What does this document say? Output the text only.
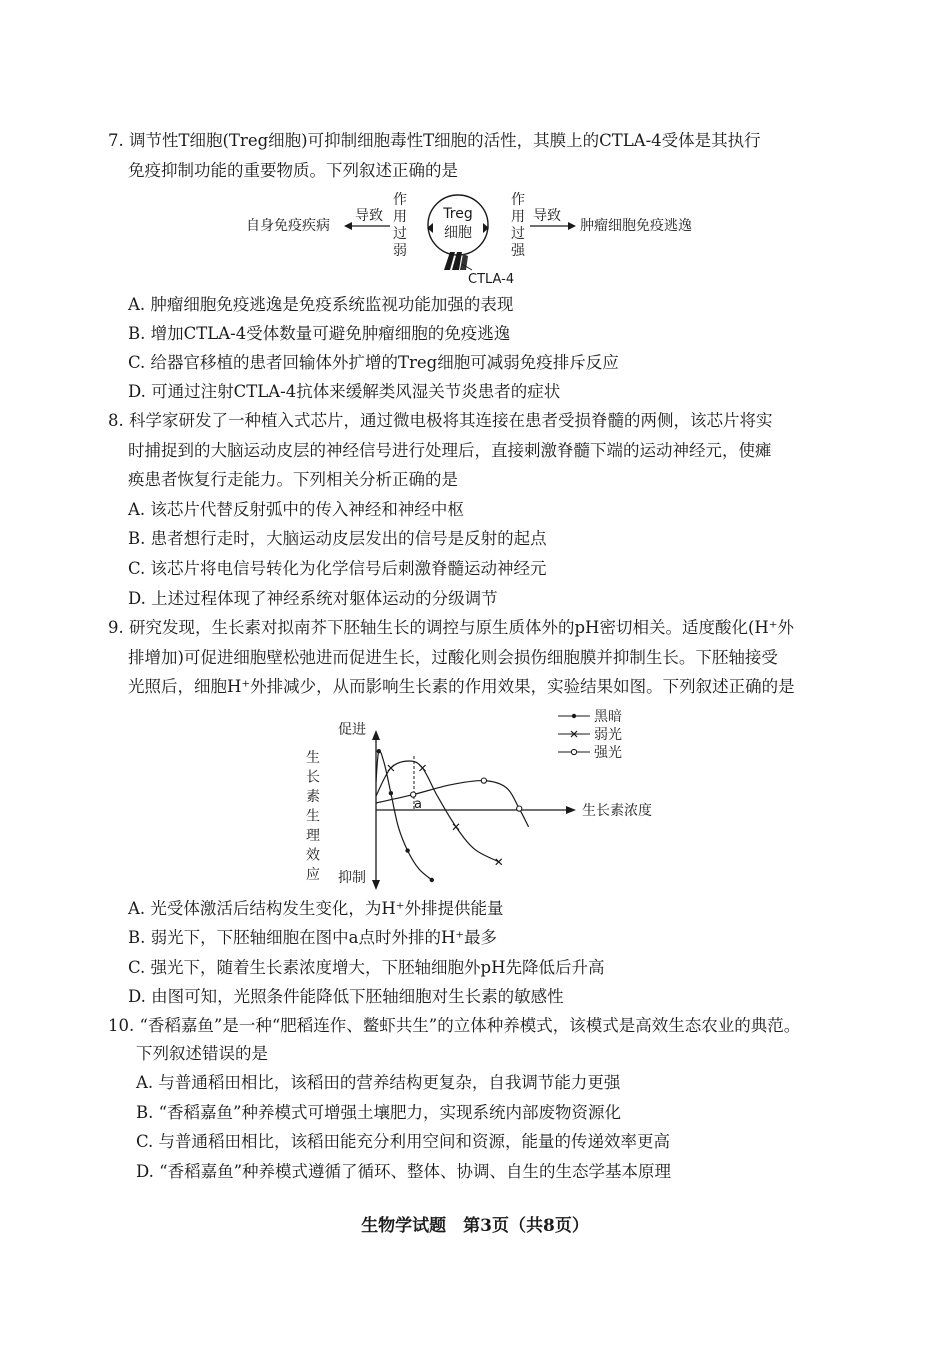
7. 调节性T细胞(Treg细胞)可抑制细胞毒性T细胞的活性，其膜上的CTLA-4受体是其执行
免疫抑制功能的重要物质。下列叙述正确的是
自身免疫疾病
导致
作
用
过
弱
Treg
细胞
CTLA-4
作
用
过
强
导致
肿瘤细胞免疫逃逸
A. 肿瘤细胞免疫逃逸是免疫系统监视功能加强的表现
B. 增加CTLA-4受体数量可避免肿瘤细胞的免疫逃逸
C. 给器官移植的患者回输体外扩增的Treg细胞可减弱免疫排斥反应
D. 可通过注射CTLA-4抗体来缓解类风湿关节炎患者的症状
8. 科学家研发了一种植入式芯片，通过微电极将其连接在患者受损脊髓的两侧，该芯片将实
时捕捉到的大脑运动皮层的神经信号进行处理后，直接刺激脊髓下端的运动神经元，使瘫
痪患者恢复行走能力。下列相关分析正确的是
A. 该芯片代替反射弧中的传入神经和神经中枢
B. 患者想行走时，大脑运动皮层发出的信号是反射的起点
C. 该芯片将电信号转化为化学信号后刺激脊髓运动神经元
D. 上述过程体现了神经系统对躯体运动的分级调节
9. 研究发现，生长素对拟南芥下胚轴生长的调控与原生质体外的pH密切相关。适度酸化(H⁺外
排增加)可促进细胞壁松弛进而促进生长，过酸化则会损伤细胞膜并抑制生长。下胚轴接受
光照后，细胞H⁺外排减少，从而影响生长素的作用效果，实验结果如图。下列叙述正确的是
促进
抑制
生
长
素
生
理
效
应
生长素浓度
a
黑暗
弱光
强光
A. 光受体激活后结构发生变化，为H⁺外排提供能量
B. 弱光下，下胚轴细胞在图中a点时外排的H⁺最多
C. 强光下，随着生长素浓度增大，下胚轴细胞外pH先降低后升高
D. 由图可知，光照条件能降低下胚轴细胞对生长素的敏感性
10. “香稻嘉鱼”是一种“肥稻连作、鳖虾共生”的立体种养模式，该模式是高效生态农业的典范。
下列叙述错误的是
A. 与普通稻田相比，该稻田的营养结构更复杂，自我调节能力更强
B. “香稻嘉鱼”种养模式可增强土壤肥力，实现系统内部废物资源化
C. 与普通稻田相比，该稻田能充分利用空间和资源，能量的传递效率更高
D. “香稻嘉鱼”种养模式遵循了循环、整体、协调、自生的生态学基本原理
生物学试题　第3页（共8页）
